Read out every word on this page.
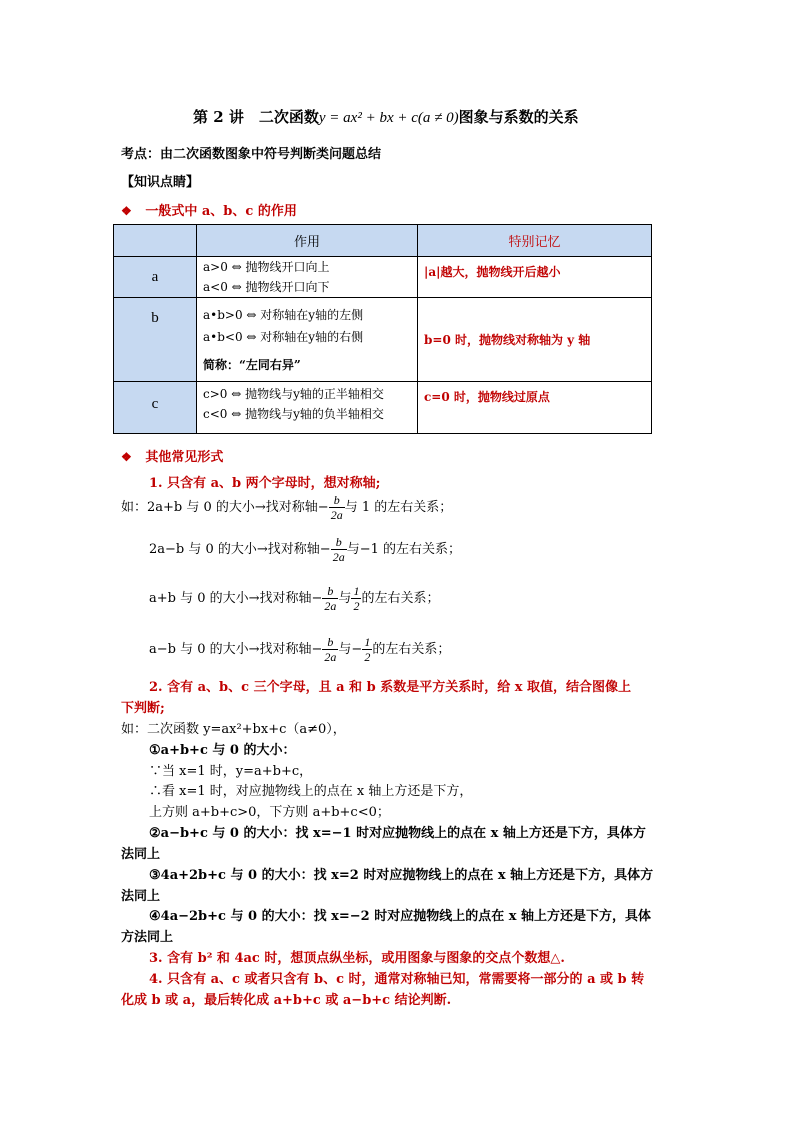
第 2 讲　二次函数y = ax² + bx + c(a ≠ 0)图象与系数的关系
考点：由二次函数图象中符号判断类问题总结
【知识点睛】
❖ 一般式中 a、b、c 的作用
	作用	特别记忆
a	a>0 ⇔ 抛物线开口向上
a<0 ⇔ 抛物线开口向下	|a|越大，抛物线开后越小
b	a•b>0 ⇔ 对称轴在y轴的左侧
a•b<0 ⇔ 对称轴在y轴的右侧
简称：“左同右异”	b=0 时，抛物线对称轴为 y 轴
c	c>0 ⇔ 抛物线与y轴的正半轴相交
c<0 ⇔ 抛物线与y轴的负半轴相交	c=0 时，抛物线过原点
❖ 其他常见形式
1. 只含有 a、b 两个字母时，想对称轴;
如：2a+b 与 0 的大小→找对称轴− $\frac{b}{2a}$ 与 1 的左右关系；
2a−b 与 0 的大小→找对称轴− $\frac{b}{2a}$ 与−1 的左右关系；
a+b 与 0 的大小→找对称轴− $\frac{b}{2a}$ 与 $\frac{1}{2}$ 的左右关系；
a−b 与 0 的大小→找对称轴− $\frac{b}{2a}$ 与− $\frac{1}{2}$ 的左右关系；
2. 含有 a、b、c 三个字母，且 a 和 b 系数是平方关系时，给 x 取值，结合图像上
下判断;
如：二次函数 y=ax²+bx+c（a≠0），
①a+b+c 与 0 的大小：
∵当 x=1 时，y=a+b+c，
∴看 x=1 时，对应抛物线上的点在 x 轴上方还是下方，
上方则 a+b+c>0，下方则 a+b+c<0；
②a−b+c 与 0 的大小：找 x=−1 时对应抛物线上的点在 x 轴上方还是下方，具体方
法同上
③4a+2b+c 与 0 的大小：找 x=2 时对应抛物线上的点在 x 轴上方还是下方，具体方
法同上
④4a−2b+c 与 0 的大小：找 x=−2 时对应抛物线上的点在 x 轴上方还是下方，具体
方法同上
3. 含有 b² 和 4ac 时，想顶点纵坐标，或用图象与图象的交点个数想△.
4. 只含有 a、c 或者只含有 b、c 时，通常对称轴已知，常需要将一部分的 a 或 b 转
化成 b 或 a，最后转化成 a+b+c 或 a−b+c 结论判断.
